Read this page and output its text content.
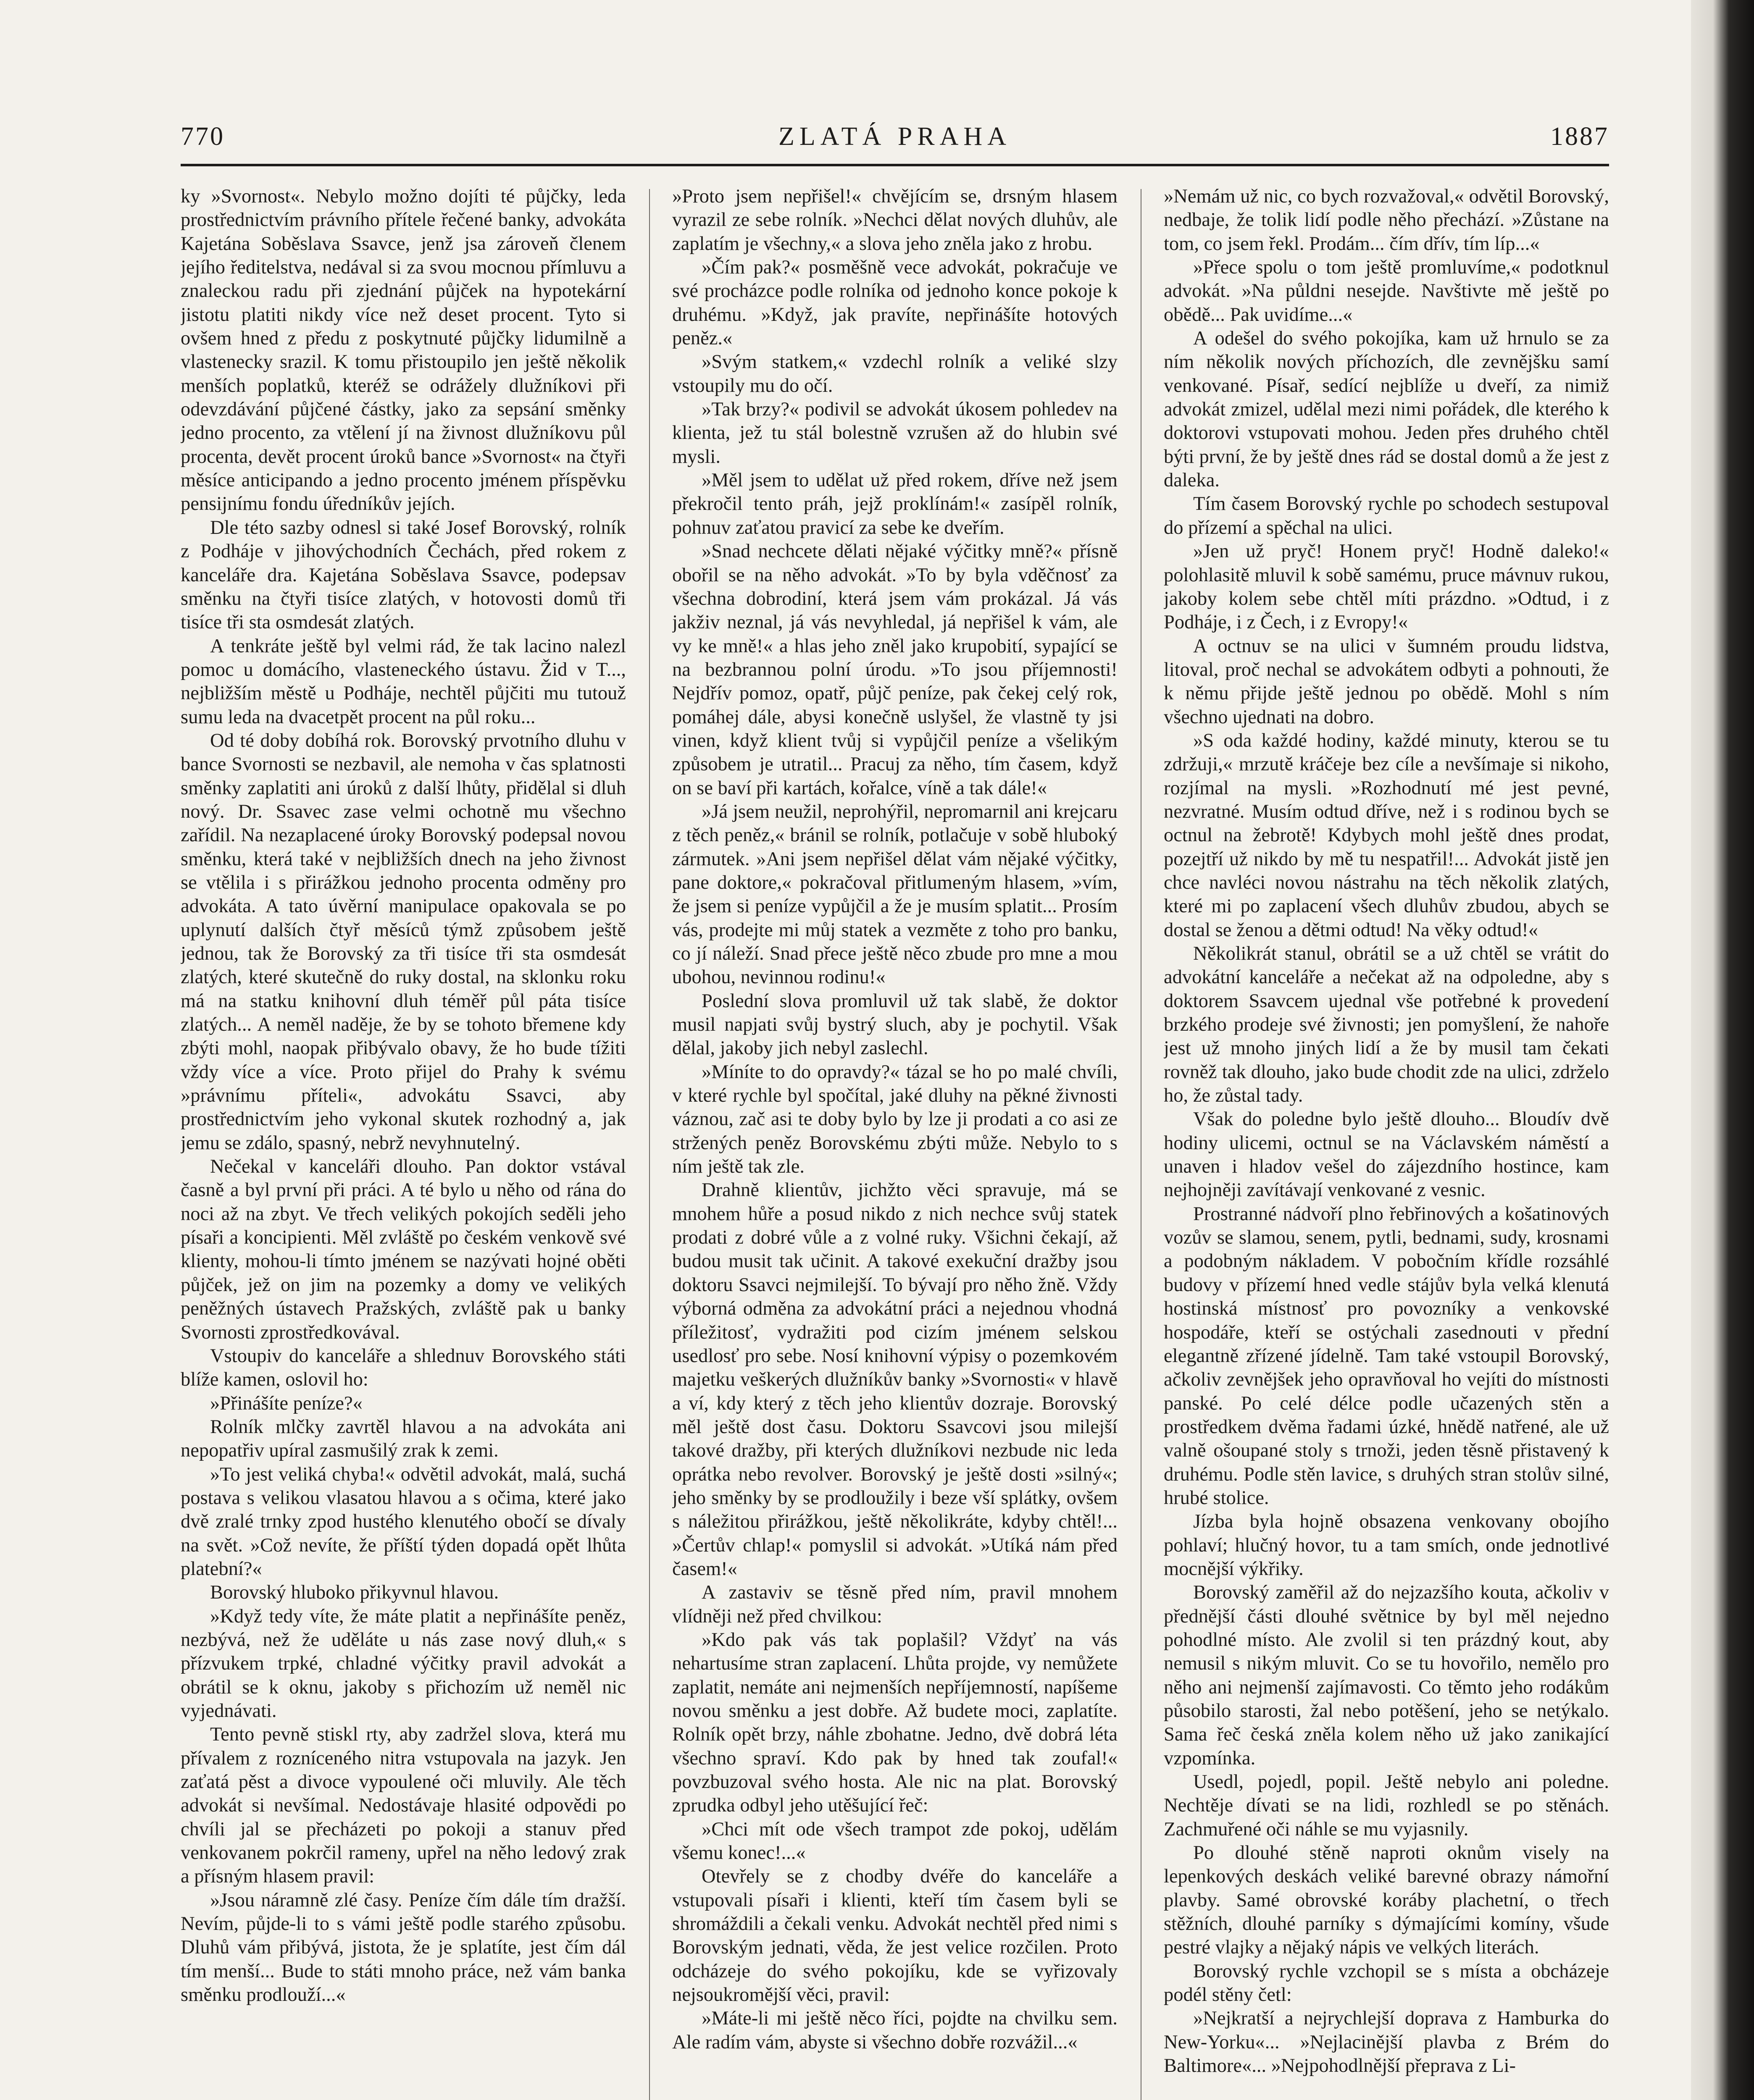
770	ZLATÁ PRAHA	1887

ky »Svornost«. Nebylo možno dojíti té půjčky, leda prostřednictvím právního přítele řečené banky, advokáta Kajetána Soběslava Ssavce, jenž jsa zároveň členem jejího ředitelstva, nedával si za svou mocnou přímluvu a znaleckou radu při zjednání půjček na hypotekární jistotu platiti nikdy více než deset procent. Tyto si ovšem hned z předu z poskytnuté půjčky lidumilně a vlastenecky srazil. K tomu přistoupilo jen ještě několik menších poplatků, kteréž se odrážely dlužníkovi při odevzdávání půjčené částky, jako za sepsání směnky jedno procento, za vtělení jí na živnost dlužníkovu půl procenta, devět procent úroků bance »Svornost« na čtyři měsíce anticipando a jedno procento jménem příspěvku pensijnímu fondu úředníkův jejích.

Dle této sazby odnesl si také Josef Borovský, rolník z Podháje v jihovýchodních Čechách, před rokem z kanceláře dra. Kajetána Soběslava Ssavce, podepsav směnku na čtyři tisíce zlatých, v hotovosti domů tři tisíce tři sta osmdesát zlatých.

A tenkráte ještě byl velmi rád, že tak lacino nalezl pomoc u domácího, vlasteneckého ústavu. Žid v T..., nejbližším městě u Podháje, nechtěl půjčiti mu tutouž sumu leda na dvacetpět procent na půl roku...

Od té doby dobíhá rok. Borovský prvotního dluhu v bance Svornosti se nezbavil, ale nemoha v čas splatnosti směnky zaplatiti ani úroků z další lhůty, přidělal si dluh nový. Dr. Ssavec zase velmi ochotně mu všechno zařídil. Na nezaplacené úroky Borovský podepsal novou směnku, která také v nejbližších dnech na jeho živnost se vtělila i s přirážkou jednoho procenta odměny pro advokáta. A tato úvěrní manipulace opakovala se po uplynutí dalších čtyř měsíců týmž způsobem ještě jednou, tak že Borovský za tři tisíce tři sta osmdesát zlatých, které skutečně do ruky dostal, na sklonku roku má na statku knihovní dluh téměř půl páta tisíce zlatých... A neměl naděje, že by se tohoto břemene kdy zbýti mohl, naopak přibývalo obavy, že ho bude tížiti vždy více a více. Proto přijel do Prahy k svému »právnímu příteli«, advokátu Ssavci, aby prostřednictvím jeho vykonal skutek rozhodný a, jak jemu se zdálo, spasný, nebrž nevyhnutelný.

Nečekal v kanceláři dlouho. Pan doktor vstával časně a byl první při práci. A té bylo u něho od rána do noci až na zbyt. Ve třech velikých pokojích seděli jeho písaři a koncipienti. Měl zvláště po českém venkově své klienty, mohou-li tímto jménem se nazývati hojné oběti půjček, jež on jim na pozemky a domy ve velikých peněžných ústavech Pražských, zvláště pak u banky Svornosti zprostředkovával.

Vstoupiv do kanceláře a shlednuv Borovského státi blíže kamen, oslovil ho:

»Přinášíte peníze?«

Rolník mlčky zavrtěl hlavou a na advokáta ani nepopatřiv upíral zasmušilý zrak k zemi.

»To jest veliká chyba!« odvětil advokát, malá, suchá postava s velikou vlasatou hlavou a s očima, které jako dvě zralé trnky zpod hustého klenutého obočí se dívaly na svět. »Což nevíte, že příští týden dopadá opět lhůta platební?«

Borovský hluboko přikyvnul hlavou.

»Když tedy víte, že máte platit a nepřinášíte peněz, nezbývá, než že uděláte u nás zase nový dluh,« s přízvukem trpké, chladné výčitky pravil advokát a obrátil se k oknu, jakoby s přichozím už neměl nic vyjednávati.

Tento pevně stiskl rty, aby zadržel slova, která mu přívalem z rozníceného nitra vstupovala na jazyk. Jen zaťatá pěst a divoce vypoulené oči mluvily. Ale těch advokát si nevšímal. Nedostávaje hlasité odpovědi po chvíli jal se přecházeti po pokoji a stanuv před venkovanem pokrčil rameny, upřel na něho ledový zrak a přísným hlasem pravil:

»Jsou náramně zlé časy. Peníze čím dále tím dražší. Nevím, půjde-li to s vámi ještě podle starého způsobu. Dluhů vám přibývá, jistota, že je splatíte, jest čím dál tím menší... Bude to státi mnoho práce, než vám banka směnku prodlouží...«

»Proto jsem nepřišel!« chvějícím se, drsným hlasem vyrazil ze sebe rolník. »Nechci dělat nových dluhův, ale zaplatím je všechny,« a slova jeho zněla jako z hrobu.

»Čím pak?« posměšně vece advokát, pokračuje ve své procházce podle rolníka od jednoho konce pokoje k druhému. »Když, jak pravíte, nepřinášíte hotových peněz.«

»Svým statkem,« vzdechl rolník a veliké slzy vstoupily mu do očí.

»Tak brzy?« podivil se advokát úkosem pohledev na klienta, jež tu stál bolestně vzrušen až do hlubin své mysli.

»Měl jsem to udělat už před rokem, dříve než jsem překročil tento práh, jejž proklínám!« zasípěl rolník, pohnuv zaťatou pravicí za sebe ke dveřím.

»Snad nechcete dělati nějaké výčitky mně?« přísně obořil se na něho advokát. »To by byla vděčnosť za všechna dobrodiní, která jsem vám prokázal. Já vás jakživ neznal, já vás nevyhledal, já nepřišel k vám, ale vy ke mně!« a hlas jeho zněl jako krupobití, sypající se na bezbrannou polní úrodu. »To jsou příjemnosti! Nejdřív pomoz, opatř, půjč peníze, pak čekej celý rok, pomáhej dále, abysi konečně uslyšel, že vlastně ty jsi vinen, když klient tvůj si vypůjčil peníze a všelikým způsobem je utratil... Pracuj za něho, tím časem, když on se baví při kartách, kořalce, víně a tak dále!«

»Já jsem neužil, neprohýřil, nepromarnil ani krejcaru z těch peněz,« bránil se rolník, potlačuje v sobě hluboký zármutek. »Ani jsem nepřišel dělat vám nějaké výčitky, pane doktore,« pokračoval přitlumeným hlasem, »vím, že jsem si peníze vypůjčil a že je musím splatit... Prosím vás, prodejte mi můj statek a vezměte z toho pro banku, co jí náleží. Snad přece ještě něco zbude pro mne a mou ubohou, nevinnou rodinu!«

Poslední slova promluvil už tak slabě, že doktor musil napjati svůj bystrý sluch, aby je pochytil. Však dělal, jakoby jich nebyl zaslechl.

»Míníte to do opravdy?« tázal se ho po malé chvíli, v které rychle byl spočítal, jaké dluhy na pěkné živnosti váznou, zač asi te doby bylo by lze ji prodati a co asi ze stržených peněz Borovskému zbýti může. Nebylo to s ním ještě tak zle.

Drahně klientův, jichžto věci spravuje, má se mnohem hůře a posud nikdo z nich nechce svůj statek prodati z dobré vůle a z volné ruky. Všichni čekají, až budou musit tak učinit. A takové exekuční dražby jsou doktoru Ssavci nejmilejší. To bývají pro něho žně. Vždy výborná odměna za advokátní práci a nejednou vhodná příležitosť, vydražiti pod cizím jménem selskou usedlosť pro sebe. Nosí knihovní výpisy o pozemkovém majetku veškerých dlužníkův banky »Svornosti« v hlavě a ví, kdy který z těch jeho klientův dozraje. Borovský měl ještě dost času. Doktoru Ssavcovi jsou milejší takové dražby, při kterých dlužníkovi nezbude nic leda oprátka nebo revolver. Borovský je ještě dosti »silný«; jeho směnky by se prodloužily i beze vší splátky, ovšem s náležitou přirážkou, ještě několikráte, kdyby chtěl!... »Čertův chlap!« pomyslil si advokát. »Utíká nám před časem!«

A zastaviv se těsně před ním, pravil mnohem vlídněji než před chvilkou:

»Kdo pak vás tak poplašil? Vždyť na vás nehartusíme stran zaplacení. Lhůta projde, vy nemůžete zaplatit, nemáte ani nejmenších nepříjemností, napíšeme novou směnku a jest dobře. Až budete moci, zaplatíte. Rolník opět brzy, náhle zbohatne. Jedno, dvě dobrá léta všechno spraví. Kdo pak by hned tak zoufal!« povzbuzoval svého hosta. Ale nic na plat. Borovský zprudka odbyl jeho utěšující řeč:

»Chci mít ode všech trampot zde pokoj, udělám všemu konec!...«

Otevřely se z chodby dvéře do kanceláře a vstupovali písaři i klienti, kteří tím časem byli se shromáždili a čekali venku. Advokát nechtěl před nimi s Borovským jednati, věda, že jest velice rozčilen. Proto odcházeje do svého pokojíku, kde se vyřizovaly nejsoukromější věci, pravil:

»Máte-li mi ještě něco říci, pojdte na chvilku sem. Ale radím vám, abyste si všechno dobře rozvážil...«

»Nemám už nic, co bych rozvažoval,« odvětil Borovský, nedbaje, že tolik lidí podle něho přechází. »Zůstane na tom, co jsem řekl. Prodám... čím dřív, tím líp...«

»Přece spolu o tom ještě promluvíme,« podotknul advokát. »Na půldni nesejde. Navštivte mě ještě po obědě... Pak uvidíme...«

A odešel do svého pokojíka, kam už hrnulo se za ním několik nových příchozích, dle zevnějšku samí venkované. Písař, sedící nejblíže u dveří, za nimiž advokát zmizel, udělal mezi nimi pořádek, dle kterého k doktorovi vstupovati mohou. Jeden přes druhého chtěl býti první, že by ještě dnes rád se dostal domů a že jest z daleka.

Tím časem Borovský rychle po schodech sestupoval do přízemí a spěchal na ulici.

»Jen už pryč! Honem pryč! Hodně daleko!« polohlasitě mluvil k sobě samému, pruce mávnuv rukou, jakoby kolem sebe chtěl míti prázdno. »Odtud, i z Podháje, i z Čech, i z Evropy!«

A octnuv se na ulici v šumném proudu lidstva, litoval, proč nechal se advokátem odbyti a pohnouti, že k němu přijde ještě jednou po obědě. Mohl s ním všechno ujednati na dobro.

»S oda každé hodiny, každé minuty, kterou se tu zdržuji,« mrzutě kráčeje bez cíle a nevšímaje si nikoho, rozjímal na mysli. »Rozhodnutí mé jest pevné, nezvratné. Musím odtud dříve, než i s rodinou bych se octnul na žebrotě! Kdybych mohl ještě dnes prodat, pozejtří už nikdo by mě tu nespatřil!... Advokát jistě jen chce navléci novou nástrahu na těch několik zlatých, které mi po zaplacení všech dluhův zbudou, abych se dostal se ženou a dětmi odtud! Na věky odtud!«

Několikrát stanul, obrátil se a už chtěl se vrátit do advokátní kanceláře a nečekat až na odpoledne, aby s doktorem Ssavcem ujednal vše potřebné k provedení brzkého prodeje své živnosti; jen pomyšlení, že nahoře jest už mnoho jiných lidí a že by musil tam čekati rovněž tak dlouho, jako bude chodit zde na ulici, zdrželo ho, že zůstal tady.

Však do poledne bylo ještě dlouho... Bloudív dvě hodiny ulicemi, octnul se na Václavském náměstí a unaven i hladov vešel do zájezdního hostince, kam nejhojněji zavítávají venkované z vesnic.

Prostranné nádvoří plno řebřinových a košatinových vozův se slamou, senem, pytli, bednami, sudy, krosnami a podobným nákladem. V pobočním křídle rozsáhlé budovy v přízemí hned vedle stájův byla velká klenutá hostinská místnosť pro povozníky a venkovské hospodáře, kteří se ostýchali zasednouti v přední elegantně zřízené jídelně. Tam také vstoupil Borovský, ačkoliv zevnějšek jeho opravňoval ho vejíti do místnosti panské. Po celé délce podle učazených stěn a prostředkem dvěma řadami úzké, hnědě natřené, ale už valně ošoupané stoly s trnoži, jeden těsně přistavený k druhému. Podle stěn lavice, s druhých stran stolův silné, hrubé stolice.

Jízba byla hojně obsazena venkovany obojího pohlaví; hlučný hovor, tu a tam smích, onde jednotlivé mocnější výkřiky.

Borovský zaměřil až do nejzazšího kouta, ačkoliv v přednější části dlouhé světnice by byl měl nejedno pohodlné místo. Ale zvolil si ten prázdný kout, aby nemusil s nikým mluvit. Co se tu hovořilo, nemělo pro něho ani nejmenší zajímavosti. Co těmto jeho rodákům působilo starosti, žal nebo potěšení, jeho se netýkalo. Sama řeč česká zněla kolem něho už jako zanikající vzpomínka.

Usedl, pojedl, popil. Ještě nebylo ani poledne. Nechtěje dívati se na lidi, rozhledl se po stěnách. Zachmuřené oči náhle se mu vyjasnily.

Po dlouhé stěně naproti oknům visely na lepenkových deskách veliké barevné obrazy námořní plavby. Samé obrovské koráby plachetní, o třech stěžních, dlouhé parníky s dýmajícími komíny, všude pestré vlajky a nějaký nápis ve velkých literách.

Borovský rychle vzchopil se s místa a obcházeje podél stěny četl:

»Nejkratší a nejrychlejší doprava z Hamburka do New-Yorku«... »Nejlacinější plavba z Brém do Baltimore«... »Nejpohodlnější přeprava z Li-
